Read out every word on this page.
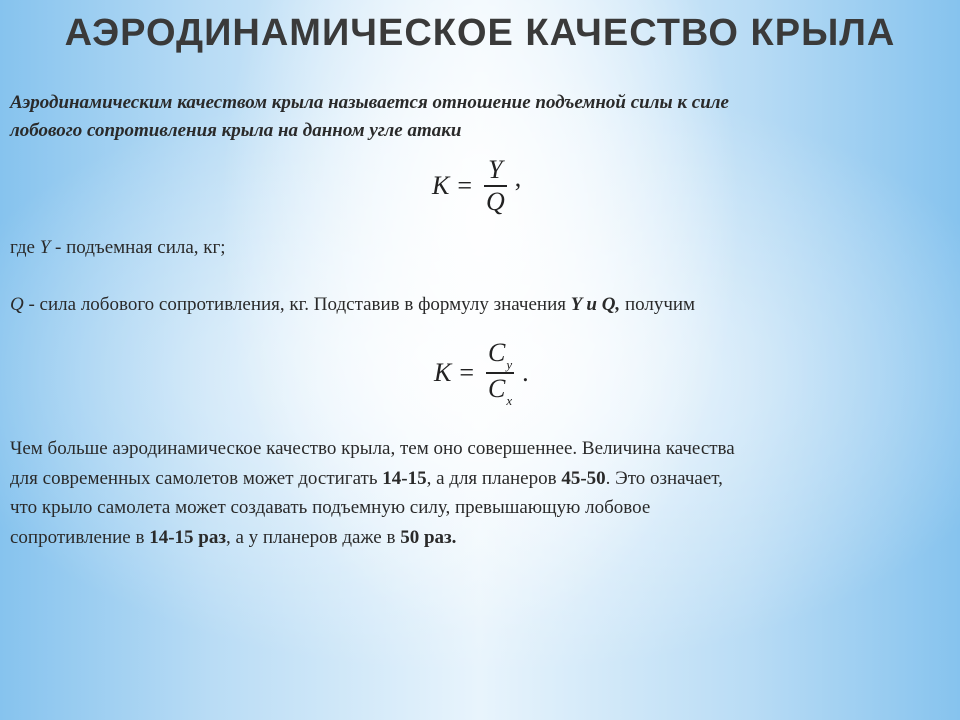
АЭРОДИНАМИЧЕСКОЕ КАЧЕСТВО КРЫЛА
Аэродинамическим качеством крыла называется отношение подъемной силы к силе
лобового сопротивления крыла на данном угле атаки
$K = \frac{Y}{Q}$ ,
где Y - подъемная сила, кг;
Q - сила лобового сопротивления, кг. Подставив в формулу значения Y и Q, получим
$K = \frac{C_y}{C_x}$ .
Чем больше аэродинамическое качество крыла, тем оно совершеннее. Величина качества
для современных самолетов может достигать 14-15, а для планеров 45-50. Это означает,
что крыло самолета может создавать подъемную силу, превышающую лобовое
сопротивление в 14-15 раз, а у планеров даже в 50 раз.
